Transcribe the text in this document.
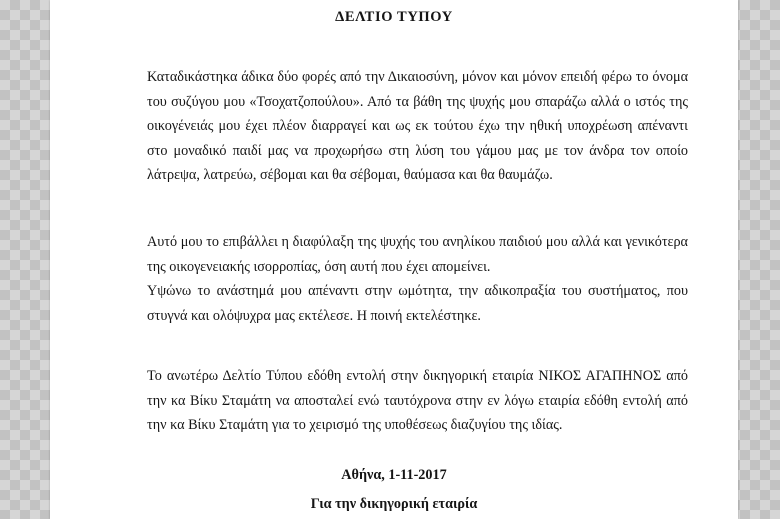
ΔΕΛΤΙΟ ΤΥΠΟΥ

Καταδικάστηκα άδικα δύο φορές από την Δικαιοσύνη, μόνον και μόνον επειδή φέρω το όνομα του συζύγου μου «Τσοχατζοπούλου». Από τα βάθη της ψυχής μου σπαράζω αλλά ο ιστός της οικογένειάς μου έχει πλέον διαρραγεί και ως εκ τούτου έχω την ηθική υποχρέωση απέναντι στο μοναδικό παιδί μας να προχωρήσω στη λύση του γάμου μας με τον άνδρα τον οποίο λάτρεψα, λατρεύω, σέβομαι και θα σέβομαι, θαύμασα και θα θαυμάζω.

Αυτό μου το επιβάλλει η διαφύλαξη της ψυχής του ανηλίκου παιδιού μου αλλά και γενικότερα της οικογενειακής ισορροπίας, όση αυτή που έχει απομείνει.

Υψώνω το ανάστημά μου απέναντι στην ωμότητα, την αδικοπραξία του συστήματος, που στυγνά και ολόψυχρα μας εκτέλεσε. Η ποινή εκτελέστηκε.

Το ανωτέρω Δελτίο Τύπου εδόθη εντολή στην δικηγορική εταιρία ΝΙΚΟΣ ΑΓΑΠΗΝΟΣ από την κα Βίκυ Σταμάτη να αποσταλεί ενώ ταυτόχρονα στην εν λόγω εταιρία εδόθη εντολή από την κα Βίκυ Σταμάτη για το χειρισμό της υποθέσεως διαζυγίου της ιδίας.

Αθήνα, 1-11-2017
Για την δικηγορική εταιρία
